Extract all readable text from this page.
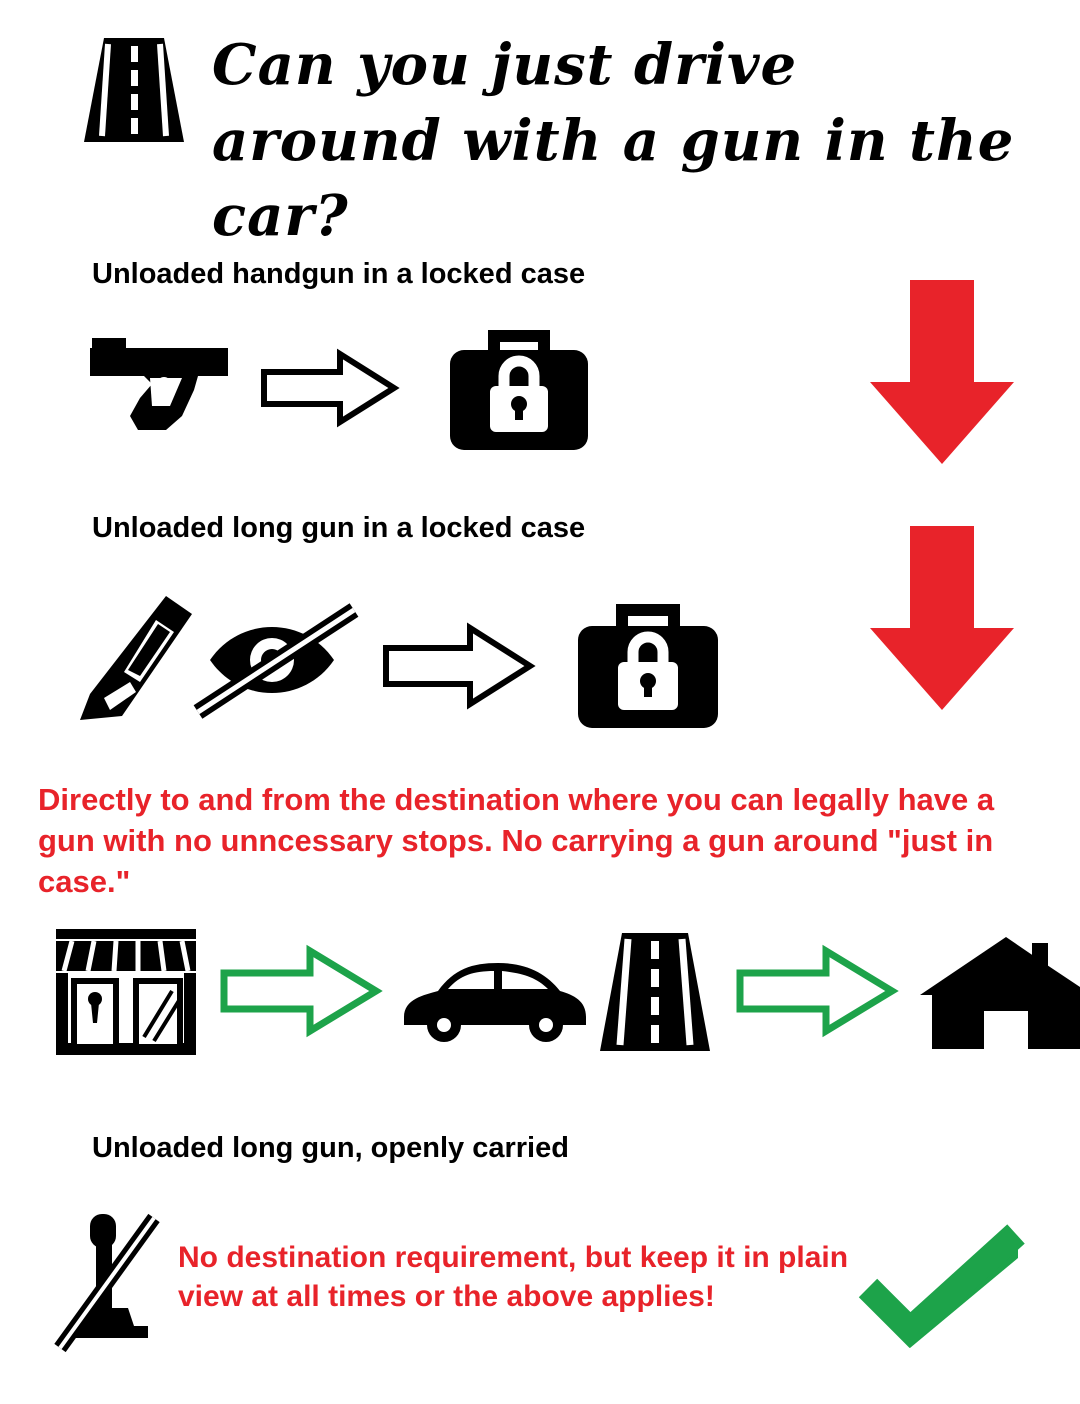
Can you just drive around with a gun in the car?
Unloaded handgun in a locked case
Unloaded long gun in a locked case
Directly to and from the destination where you can legally have a gun with no unncessary stops. No carrying a gun around "just in case."
Unloaded long gun, openly carried
No destination requirement, but keep it in plain view at all times or the above applies!
